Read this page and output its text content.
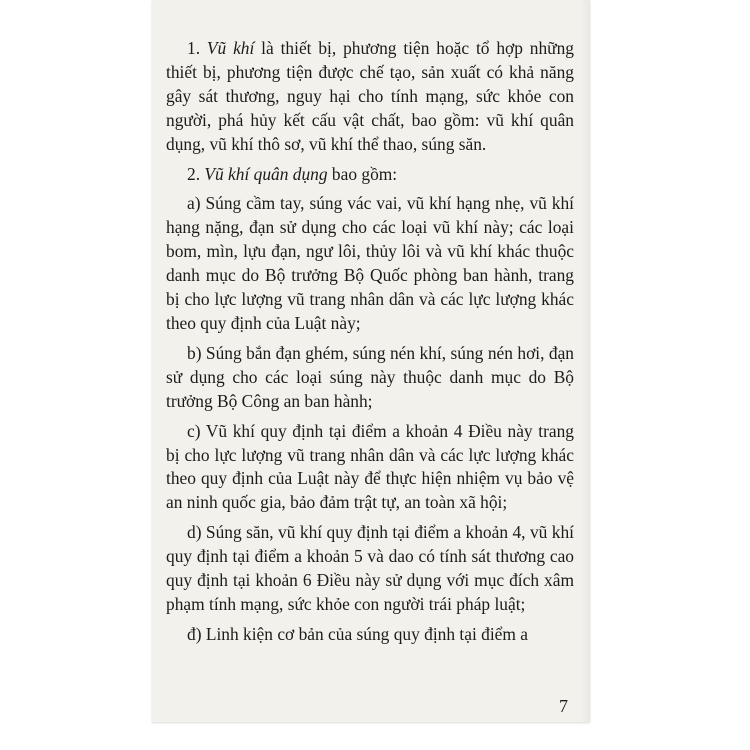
1. Vũ khí là thiết bị, phương tiện hoặc tổ hợp những thiết bị, phương tiện được chế tạo, sản xuất có khả năng gây sát thương, nguy hại cho tính mạng, sức khỏe con người, phá hủy kết cấu vật chất, bao gồm: vũ khí quân dụng, vũ khí thô sơ, vũ khí thể thao, súng săn.

2. Vũ khí quân dụng bao gồm:

a) Súng cầm tay, súng vác vai, vũ khí hạng nhẹ, vũ khí hạng nặng, đạn sử dụng cho các loại vũ khí này; các loại bom, mìn, lựu đạn, ngư lôi, thủy lôi và vũ khí khác thuộc danh mục do Bộ trưởng Bộ Quốc phòng ban hành, trang bị cho lực lượng vũ trang nhân dân và các lực lượng khác theo quy định của Luật này;

b) Súng bắn đạn ghém, súng nén khí, súng nén hơi, đạn sử dụng cho các loại súng này thuộc danh mục do Bộ trưởng Bộ Công an ban hành;

c) Vũ khí quy định tại điểm a khoản 4 Điều này trang bị cho lực lượng vũ trang nhân dân và các lực lượng khác theo quy định của Luật này để thực hiện nhiệm vụ bảo vệ an ninh quốc gia, bảo đảm trật tự, an toàn xã hội;

d) Súng săn, vũ khí quy định tại điểm a khoản 4, vũ khí quy định tại điểm a khoản 5 và dao có tính sát thương cao quy định tại khoản 6 Điều này sử dụng với mục đích xâm phạm tính mạng, sức khỏe con người trái pháp luật;

đ) Linh kiện cơ bản của súng quy định tại điểm a

7
